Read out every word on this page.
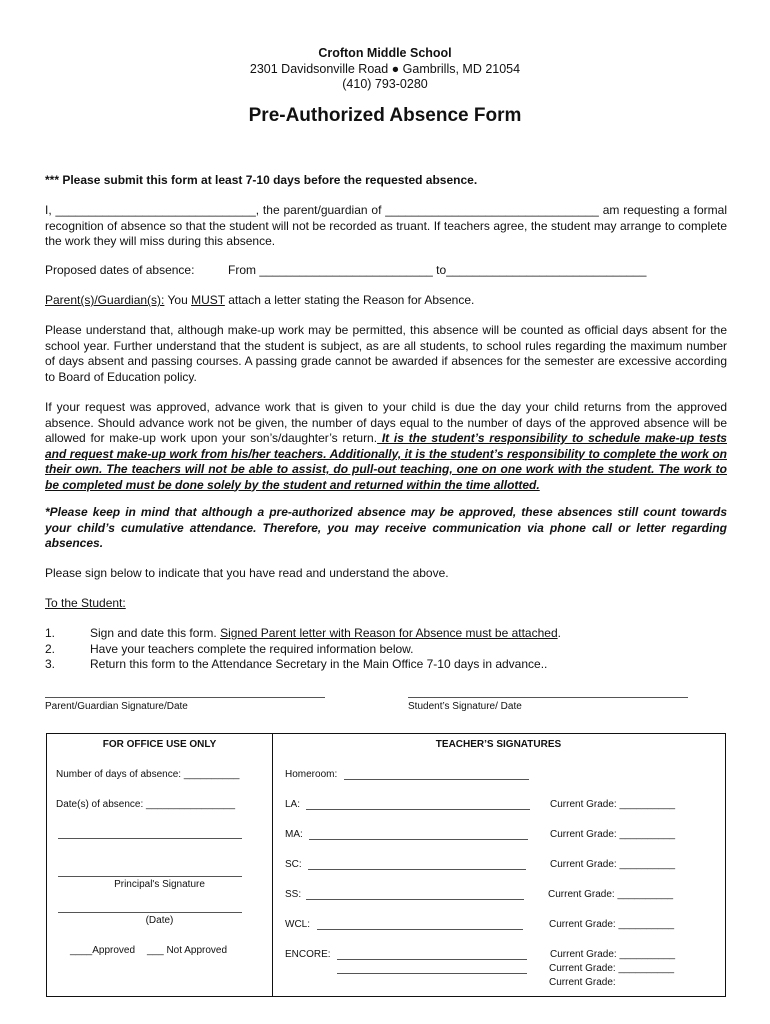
Crofton Middle School
2301 Davidsonville Road ● Gambrills, MD 21054
(410) 793-0280
Pre-Authorized Absence Form
*** Please submit this form at least 7-10 days before the requested absence.
I, ______________________________, the parent/guardian of ________________________________ am requesting a formal recognition of absence so that the student will not be recorded as truant. If teachers agree, the student may arrange to complete the work they will miss during this absence.
Proposed dates of absence:	From __________________________ to______________________________
Parent(s)/Guardian(s): You MUST attach a letter stating the Reason for Absence.
Please understand that, although make-up work may be permitted, this absence will be counted as official days absent for the school year. Further understand that the student is subject, as are all students, to school rules regarding the maximum number of days absent and passing courses. A passing grade cannot be awarded if absences for the semester are excessive according to Board of Education policy.
If your request was approved, advance work that is given to your child is due the day your child returns from the approved absence. Should advance work not be given, the number of days equal to the number of days of the approved absence will be allowed for make-up work upon your son’s/daughter’s return. It is the student’s responsibility to schedule make-up tests and request make-up work from his/her teachers. Additionally, it is the student’s responsibility to complete the work on their own. The teachers will not be able to assist, do pull-out teaching, one on one work with the student. The work to be completed must be done solely by the student and returned within the time allotted.
*Please keep in mind that although a pre-authorized absence may be approved, these absences still count towards your child’s cumulative attendance. Therefore, you may receive communication via phone call or letter regarding absences.
Please sign below to indicate that you have read and understand the above.
To the Student:
1.	Sign and date this form. Signed Parent letter with Reason for Absence must be attached.
2.	Have your teachers complete the required information below.
3.	Return this form to the Attendance Secretary in the Main Office 7-10 days in advance..
Parent/Guardian Signature/Date	Student’s Signature/ Date
FOR OFFICE USE ONLY
Number of days of absence: __________
Date(s) of absence: ________________
Principal's Signature
(Date)
____Approved ___ Not Approved
TEACHER’S SIGNATURES
Homeroom:
LA:	Current Grade: __________
MA:	Current Grade: __________
SC:	Current Grade: __________
SS:	Current Grade: __________
WCL:	Current Grade: __________
ENCORE:	Current Grade: __________
Current Grade: __________
Current Grade:
